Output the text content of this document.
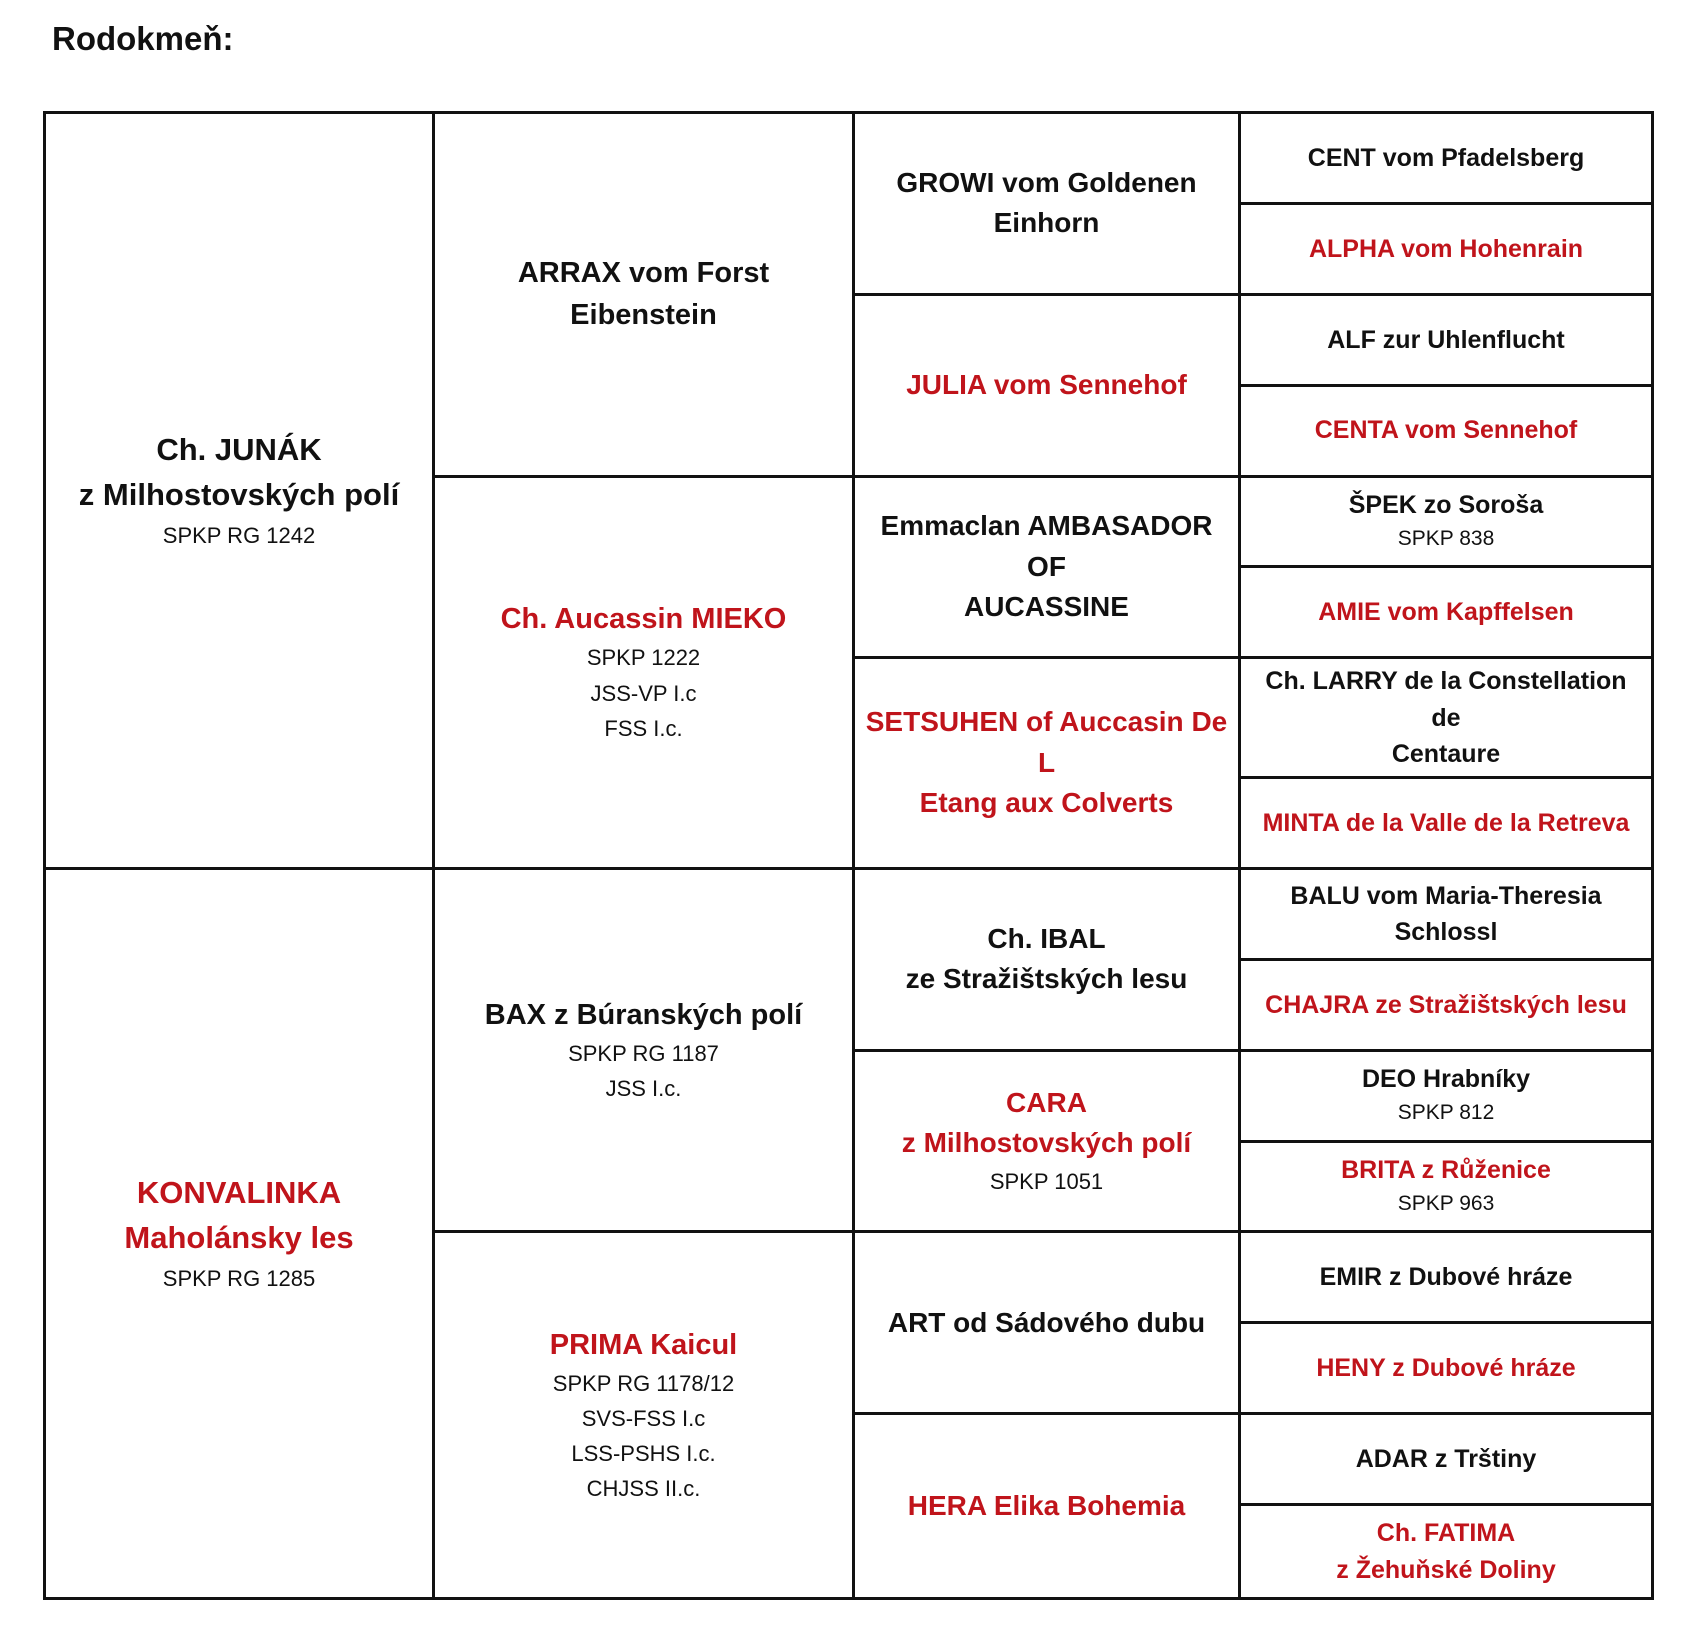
Rodokmeň:
Ch. JUNÁK
z Milhostovských polí
SPKP RG 1242
KONVALINKA
Maholánsky les
SPKP RG 1285
ARRAX vom Forst Eibenstein
Ch. Aucassin MIEKO
SPKP 1222
JSS-VP I.c
FSS I.c.
BAX z Búranských polí
SPKP RG 1187
JSS I.c.
PRIMA Kaicul
SPKP RG 1178/12
SVS-FSS I.c
LSS-PSHS I.c.
CHJSS II.c.
GROWI vom Goldenen
Einhorn
JULIA vom Sennehof
Emmaclan AMBASADOR OF
AUCASSINE
SETSUHEN of Auccasin De L
Etang aux Colverts
Ch. IBAL
ze Stražištských lesu
CARA
z Milhostovských polí
SPKP 1051
ART od Sádového dubu
HERA Elika Bohemia
CENT vom Pfadelsberg
ALPHA vom Hohenrain
ALF zur Uhlenflucht
CENTA vom Sennehof
ŠPEK zo Soroša
SPKP 838
AMIE vom Kapffelsen
Ch. LARRY de la Constellation de
Centaure
MINTA de la Valle de la Retreva
BALU vom Maria-Theresia
Schlossl
CHAJRA ze Stražištských lesu
DEO Hrabníky
SPKP 812
BRITA z Růženice
SPKP 963
EMIR z Dubové hráze
HENY z Dubové hráze
ADAR z Trštiny
Ch. FATIMA
z Žehuňské Doliny
